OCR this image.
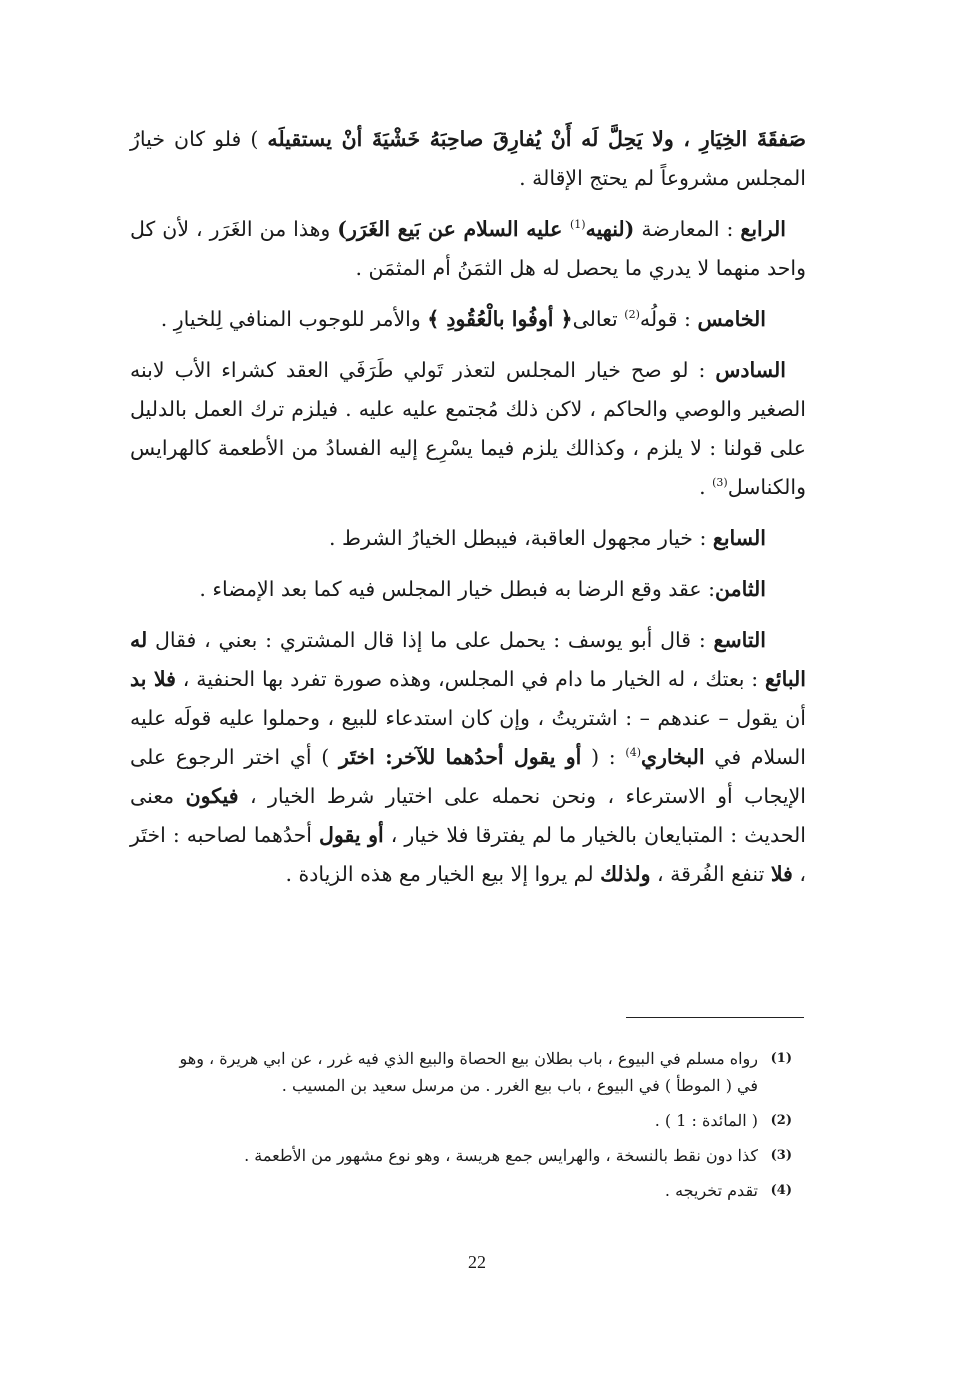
صَفقَةَ الخِيَارِ ، ولا يَحِلَّ لَه أَنْ يُفارِقَ صاحِبَهُ خَشْيَةَ أنْ يستقيلَه ) فلو كان خيارُ المجلس مشروعاً لم يحتج الإقالة .

الرابع : المعارضة (لنهيه$^{(1)}$ عليه السلام عن بَيع الغَرَر) وهذا من الغَرَر ، لأن كل واحد منهما لا يدري ما يحصل له هل الثمَنُ أم المثمَن .

الخامس : قولُه$^{(2)}$ تعالى﴿ أوفُوا بالْعُقُودِ ﴾ والأمر للوجوب المنافي لِلخيارِ .

السادس : لو صح خيار المجلس لتعذر تَولي طَرَفَي العقد كشراء الأب لابنه الصغير والوصي والحاكم ، لاكن ذلك مُجتمع عليه عليه . فيلزم ترك العمل بالدليل على قولنا : لا يلزم ، وكذالك يلزم فيما يسْرِع إليه الفسادُ من الأطعمة كالهرايس والكناسل$^{(3)}$ .

السابع : خيار مجهول العاقبة، فيبطل الخيارُ الشرط .

الثامن: عقد وقع الرضا به فبطل خيار المجلس فيه كما بعد الإمضاء .

التاسع : قال أبو يوسف : يحمل على ما إذا قال المشتري : بعني ، فقال له البائع : بعتك ، له الخيار ما دام في المجلس، وهذه صورة تفرد بها الحنفية ، فلا بد أن يقول – عندهم – : اشتريتُ ، وإن كان استدعاء للبيع ، وحملوا عليه قولَه عليه السلام في البخاري$^{(4)}$ : ( أو يقول أحدُهما للآخر: اختَر ) أي اختر الرجوع على الإيجاب أو الاسترعاء ، ونحن نحمله على اختيار شرط الخيار ، فيكون معنى الحديث : المتبايعان بالخيار ما لم يفترقا فلا خيار ، أو يقول أحدُهما لصاحبه : اختَر ، فلا تنفع الفُرقة ، ولذلك لم يروا إلا بيع الخيار مع هذه الزيادة .

(1)
رواه مسلم في البيوع ، باب بطلان بيع الحصاة والبيع الذي فيه غرر ، عن ابي هريرة ، وهو في ( الموطأ ) في البيوع ، باب بيع الغرر . من مرسل سعيد بن المسيب .
(2)
( المائدة : 1 ) .
(3)
كذا دون نقط بالنسخة ، والهرايس جمع هريسة ، وهو نوع مشهور من الأطعمة .
(4)
تقدم تخريجه .
22
